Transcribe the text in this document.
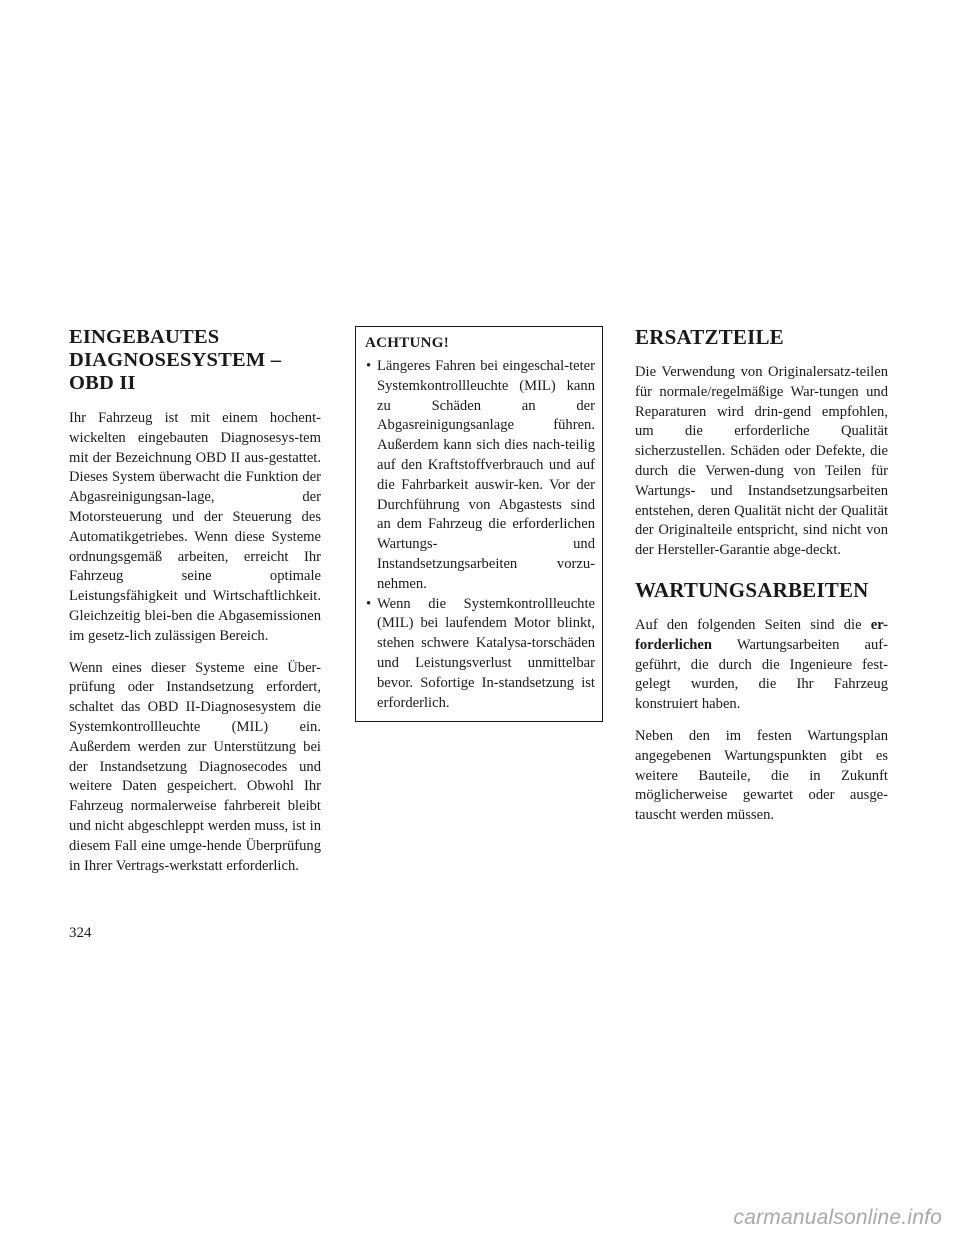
EINGEBAUTES
DIAGNOSESYSTEM –
OBD II

Ihr Fahrzeug ist mit einem hochent-wickelten eingebauten Diagnosesys-tem mit der Bezeichnung OBD II aus-gestattet. Dieses System überwacht die Funktion der Abgasreinigungsan-lage, der Motorsteuerung und der Steuerung des Automatikgetriebes. Wenn diese Systeme ordnungsgemäß arbeiten, erreicht Ihr Fahrzeug seine optimale Leistungsfähigkeit und Wirtschaftlichkeit. Gleichzeitig blei-ben die Abgasemissionen im gesetz-lich zulässigen Bereich.

Wenn eines dieser Systeme eine Über-prüfung oder Instandsetzung erfordert, schaltet das OBD II-Diagnosesystem die Systemkontrollleuchte (MIL) ein. Außerdem werden zur Unterstützung bei der Instandsetzung Diagnosecodes und weitere Daten gespeichert. Obwohl Ihr Fahrzeug normalerweise fahrbereit bleibt und nicht abgeschleppt werden muss, ist in diesem Fall eine umge-hende Überprüfung in Ihrer Vertrags-werkstatt erforderlich.

ACHTUNG!
• Längeres Fahren bei eingeschal-teter Systemkontrollleuchte (MIL) kann zu Schäden an der Abgasreinigungsanlage führen. Außerdem kann sich dies nach-teilig auf den Kraftstoffverbrauch und auf die Fahrbarkeit auswir-ken. Vor der Durchführung von Abgastests sind an dem Fahrzeug die erforderlichen Wartungs- und Instandsetzungsarbeiten vorzu-nehmen.
• Wenn die Systemkontrollleuchte (MIL) bei laufendem Motor blinkt, stehen schwere Katalysa-torschäden und Leistungsverlust unmittelbar bevor. Sofortige In-standsetzung ist erforderlich.
ERSATZTEILE

Die Verwendung von Originalersatz-teilen für normale/regelmäßige War-tungen und Reparaturen wird drin-gend empfohlen, um die erforderliche Qualität sicherzustellen. Schäden oder Defekte, die durch die Verwen-dung von Teilen für Wartungs- und Instandsetzungsarbeiten entstehen, deren Qualität nicht der Qualität der Originalteile entspricht, sind nicht von der Hersteller-Garantie abge-deckt.

WARTUNGSARBEITEN

Auf den folgenden Seiten sind die er-forderlichen Wartungsarbeiten auf-geführt, die durch die Ingenieure fest-gelegt wurden, die Ihr Fahrzeug konstruiert haben.

Neben den im festen Wartungsplan angegebenen Wartungspunkten gibt es weitere Bauteile, die in Zukunft möglicherweise gewartet oder ausge-tauscht werden müssen.

324
carmanualsonline.info
